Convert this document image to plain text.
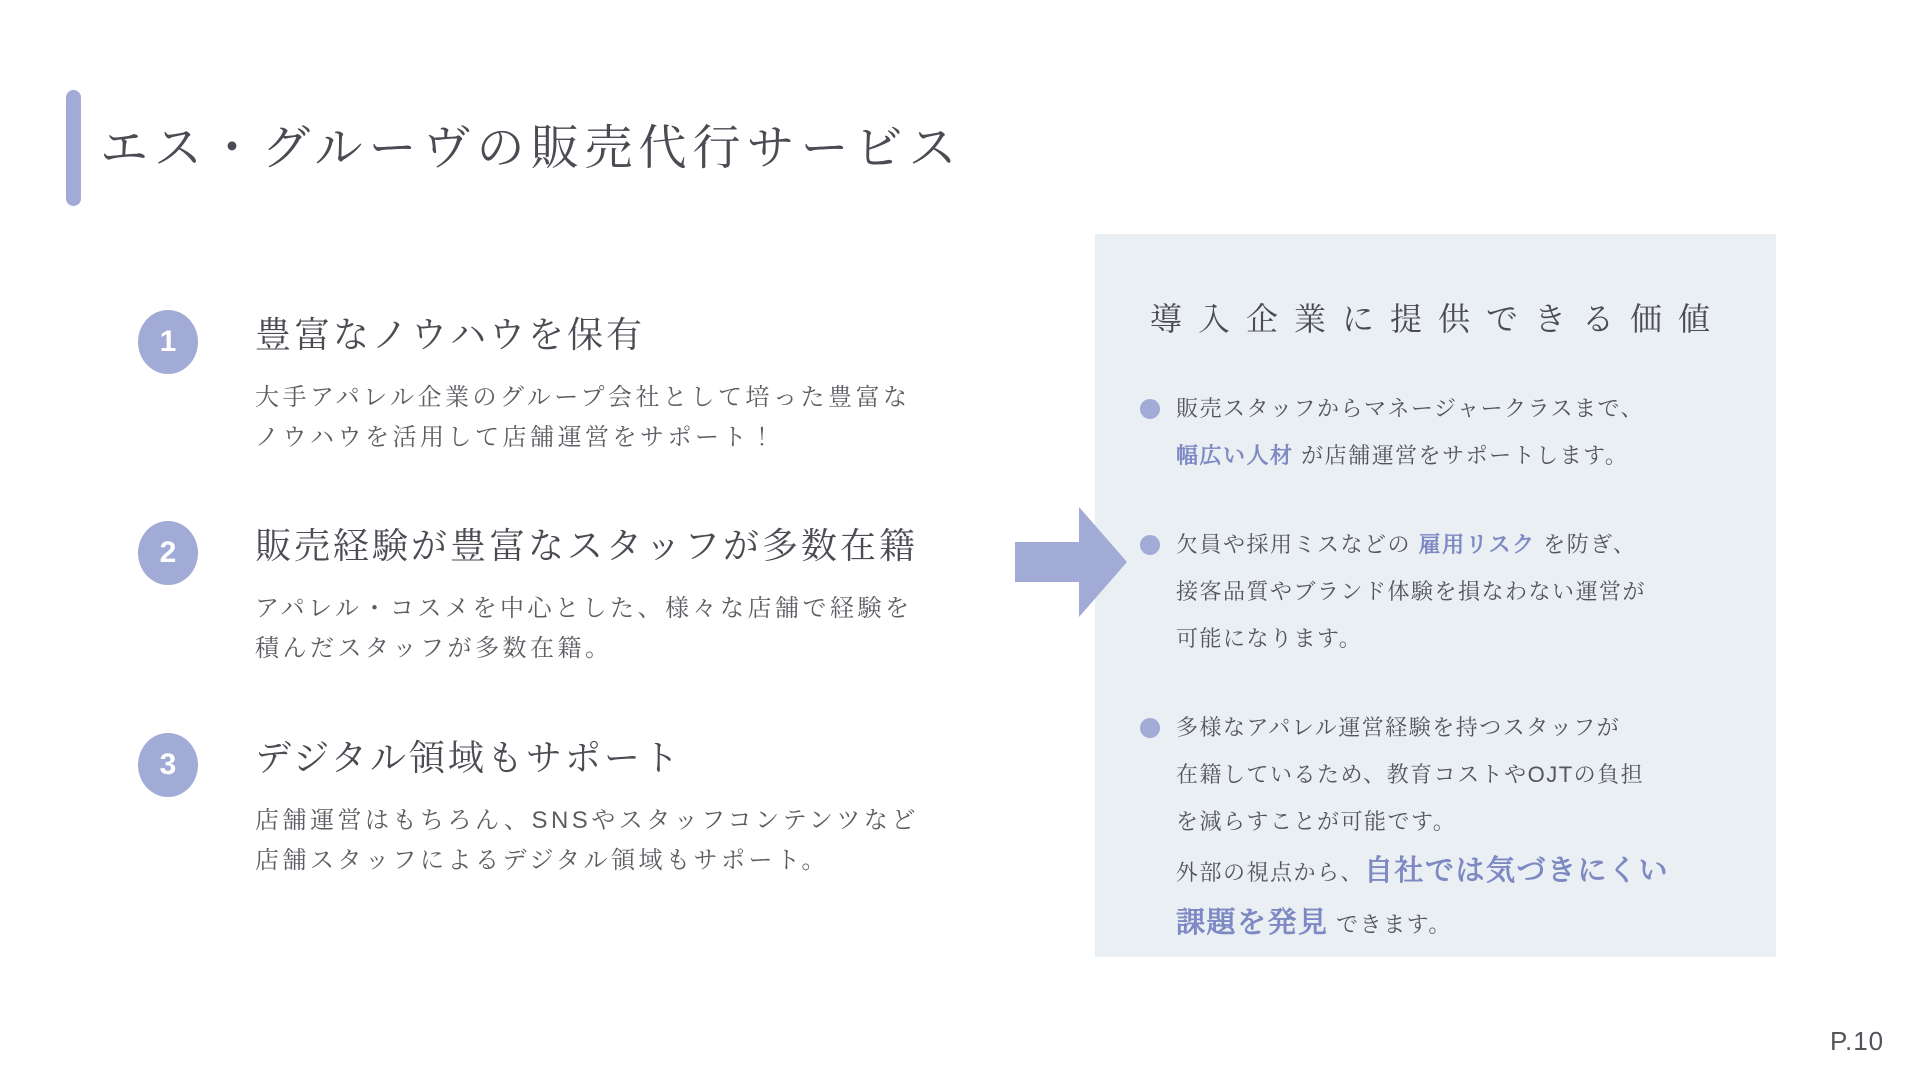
エス・グルーヴの販売代行サービス
1 豊富なノウハウを保有

大手アパレル企業のグループ会社として培った豊富な
ノウハウを活用して店舗運営をサポート！

2 販売経験が豊富なスタッフが多数在籍

アパレル・コスメを中心とした、様々な店舗で経験を
積んだスタッフが多数在籍。

3 デジタル領域もサポート

店舗運営はもちろん、SNSやスタッフコンテンツなど
店舗スタッフによるデジタル領域もサポート。

導入企業に提供できる価値

販売スタッフからマネージャークラスまで、
幅広い人材 が店舗運営をサポートします。

欠員や採用ミスなどの 雇用リスク を防ぎ、
接客品質やブランド体験を損なわない運営が
可能になります。

多様なアパレル運営経験を持つスタッフが
在籍しているため、教育コストやOJTの負担
を減らすことが可能です。
外部の視点から、自社では気づきにくい
課題を発見 できます。

P.10
